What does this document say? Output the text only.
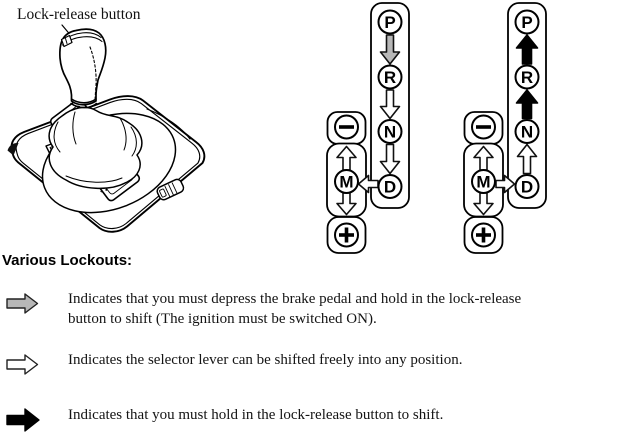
+
Lock-release button	P
R
N
D
M
P
R
N
D
M
Various Lockouts:
Indicates that you must depress the brake pedal and hold in the lock-release button to shift (The ignition must be switched ON).
Indicates the selector lever can be shifted freely into any position.
Indicates that you must hold in the lock-release button to shift.
